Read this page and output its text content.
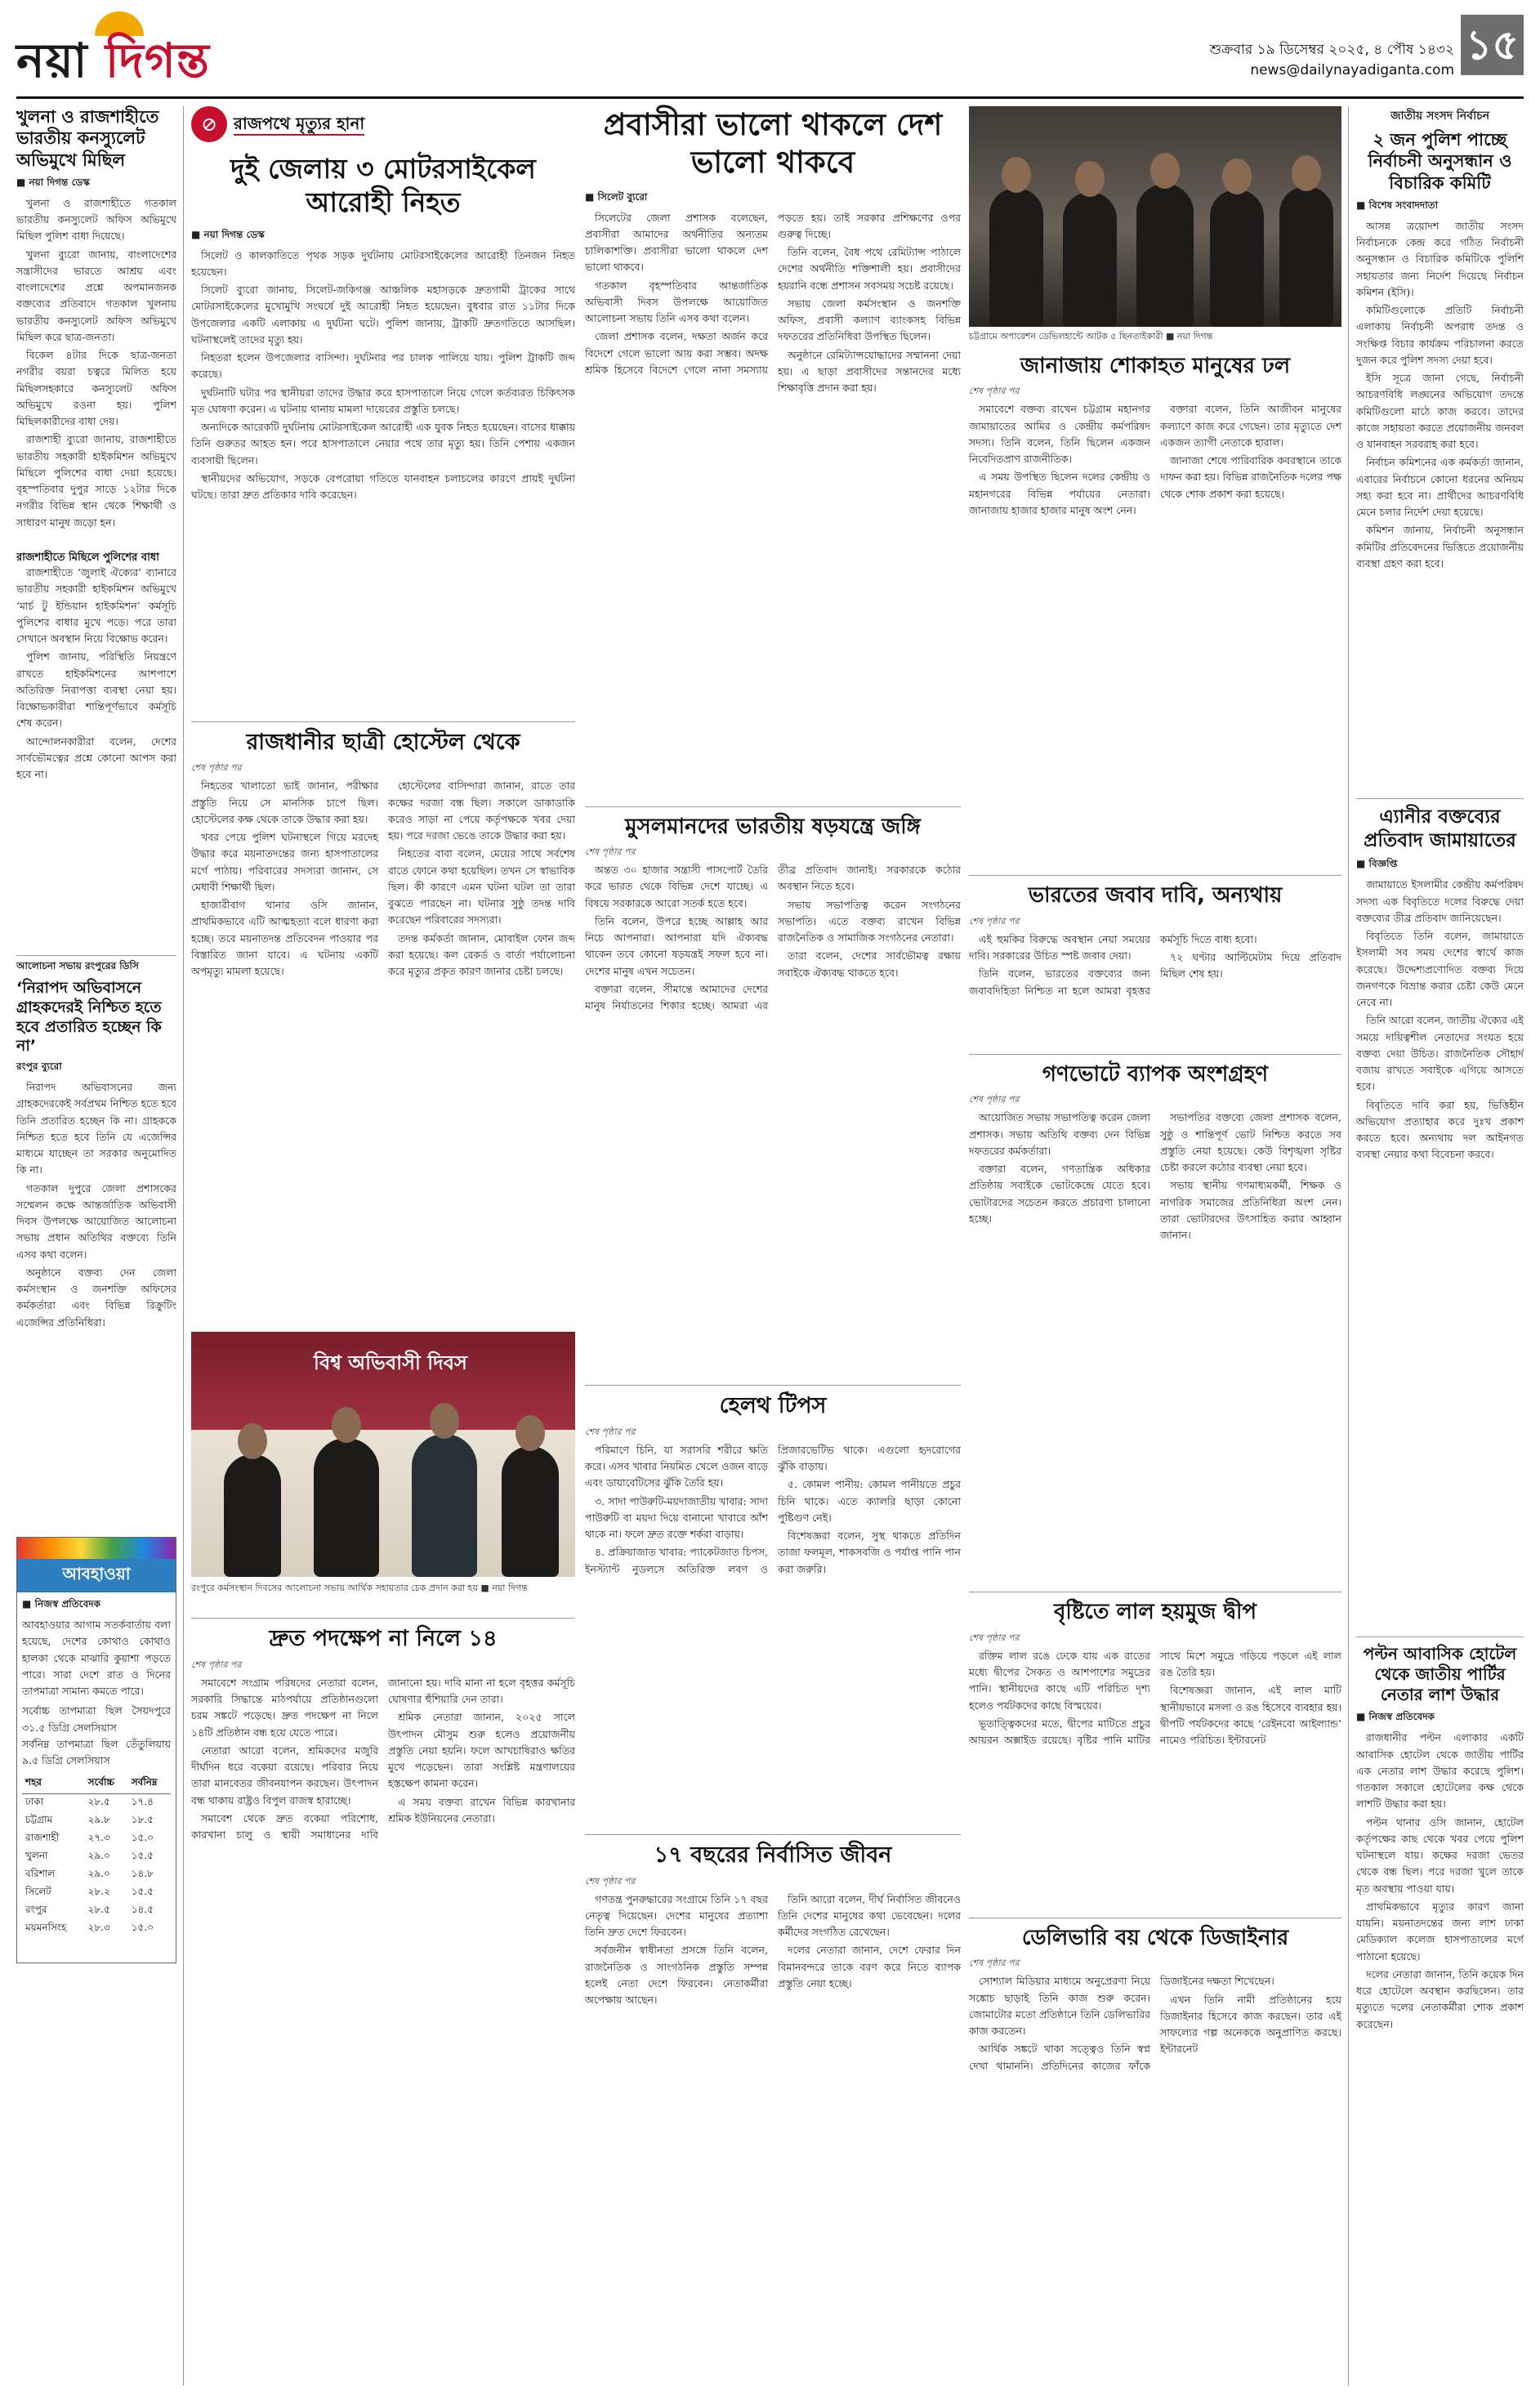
নয়া দিগন্ত	শুক্রবার ১৯ ডিসেম্বর ২০২৫, ৪ পৌষ ১৪৩২
news@dailynayadiganta.com
১৫
খুলনা ও রাজশাহীতে ভারতীয় কনস্যুলেট অভিমুখে মিছিল
■ নয়া দিগন্ত ডেস্ক

খুলনা ও রাজশাহীতে গতকাল ভারতীয় কনস্যুলেট অফিস অভিমুখে মিছিল পুলিশ বাধা দিয়েছে।

খুলনা ব্যুরো জানায়, বাংলাদেশের সন্ত্রাসীদের ভারতে আশ্রয় এবং বাংলাদেশের প্রশ্নে অপমানজনক বক্তব্যের প্রতিবাদে গতকাল খুলনায় ভারতীয় কনস্যুলেট অফিস অভিমুখে মিছিল করে ছাত্র-জনতা।

বিকেল ৪টার দিকে ছাত্র-জনতা নগরীর বয়রা চত্বরে মিলিত হয়ে মিছিলসহকারে কনস্যুলেট অফিস অভিমুখে রওনা হয়। পুলিশ মিছিলকারীদের বাধা দেয়।

রাজশাহী ব্যুরো জানায়, রাজশাহীতে ভারতীয় সহকারী হাইকমিশন অভিমুখে মিছিলে পুলিশের বাধা দেয়া হয়েছে। বৃহস্পতিবার দুপুর সাড়ে ১২টার দিকে নগরীর বিভিন্ন স্থান থেকে শিক্ষার্থী ও সাধারণ মানুষ জড়ো হন।

রাজশাহীতে মিছিলে পুলিশের বাধা

রাজশাহীতে ‘জুলাই ঐক্যের’ ব্যানারে ভারতীয় সহকারী হাইকমিশন অভিমুখে ‘মার্চ টু ইন্ডিয়ান হাইকমিশন’ কর্মসূচি পুলিশের বাধার মুখে পড়ে। পরে তারা সেখানে অবস্থান নিয়ে বিক্ষোভ করেন।

পুলিশ জানায়, পরিস্থিতি নিয়ন্ত্রণে রাখতে হাইকমিশনের আশপাশে অতিরিক্ত নিরাপত্তা ব্যবস্থা নেয়া হয়। বিক্ষোভকারীরা শান্তিপূর্ণভাবে কর্মসূচি শেষ করেন।

আন্দোলনকারীরা বলেন, দেশের সার্বভৌমত্বের প্রশ্নে কোনো আপস করা হবে না।

আলোচনা সভায় রংপুরের ডিসি
‘নিরাপদ অভিবাসনে গ্রাহকদেরই নিশ্চিত হতে হবে প্রতারিত হচ্ছেন কি না’
রংপুর ব্যুরো

নিরাপদ অভিবাসনের জন্য গ্রাহকদেরকেই সর্বপ্রথম নিশ্চিত হতে হবে তিনি প্রতারিত হচ্ছেন কি না। গ্রাহককে নিশ্চিত হতে হবে তিনি যে এজেন্সির মাধ্যমে যাচ্ছেন তা সরকার অনুমোদিত কি না।

গতকাল দুপুরে জেলা প্রশাসকের সম্মেলন কক্ষে আন্তর্জাতিক অভিবাসী দিবস উপলক্ষে আয়োজিত আলোচনা সভায় প্রধান অতিথির বক্তব্যে তিনি এসব কথা বলেন।

অনুষ্ঠানে বক্তব্য দেন জেলা কর্মসংস্থান ও জনশক্তি অফিসের কর্মকর্তারা এবং বিভিন্ন রিক্রুটিং এজেন্সির প্রতিনিধিরা।

আবহাওয়া
■ নিজস্ব প্রতিবেদক
আবহাওয়ার আগাম সতর্কবার্তায় বলা হয়েছে, দেশের কোথাও কোথাও হালকা থেকে মাঝারি কুয়াশা পড়তে পারে। সারা দেশে রাত ও দিনের তাপমাত্রা সামান্য কমতে পারে।
সর্বোচ্চ তাপমাত্রা ছিল সৈয়দপুরে ৩১.৫ ডিগ্রি সেলসিয়াস
সর্বনিম্ন তাপমাত্রা ছিল তেঁতুলিয়ায় ৯.৫ ডিগ্রি সেলসিয়াস
শহর	সর্বোচ্চ	সর্বনিম্ন
ঢাকা	২৮.৫	১৭.৪
চট্টগ্রাম	২৯.৮	১৮.৫
রাজশাহী	২৭.৩	১৫.০
খুলনা	২৯.০	১৫.৫
বরিশাল	২৯.০	১৪.৮
সিলেট	২৮.২	১৫.৫
রংপুর	২৮.৫	১৪.৫
ময়মনসিংহ	২৮.৩	১৫.০
⊘ রাজপথে মৃত্যুর হানা
দুই জেলায় ৩ মোটরসাইকেল আরোহী নিহত
■ নয়া দিগন্ত ডেস্ক

সিলেট ও কালকাতিতে পৃথক সড়ক দুর্ঘটনায় মোটরসাইকেলের আরোহী তিনজন নিহত হয়েছেন।

সিলেট ব্যুরো জানায়, সিলেট-জকিগঞ্জ আঞ্চলিক মহাসড়কে দ্রুতগামী ট্রাকের সাথে মোটরসাইকেলের মুখোমুখি সংঘর্ষে দুই আরোহী নিহত হয়েছেন। বুধবার রাত ১১টার দিকে উপজেলার একটি এলাকায় এ দুর্ঘটনা ঘটে। পুলিশ জানায়, ট্রাকটি দ্রুতগতিতে আসছিল। ঘটনাস্থলেই তাদের মৃত্যু হয়।

নিহতরা হলেন উপজেলার বাসিন্দা। দুর্ঘটনার পর চালক পালিয়ে যায়। পুলিশ ট্রাকটি জব্দ করেছে।

দুর্ঘটনাটি ঘটার পর স্থানীয়রা তাদের উদ্ধার করে হাসপাতালে নিয়ে গেলে কর্তব্যরত চিকিৎসক মৃত ঘোষণা করেন। এ ঘটনায় থানায় মামলা দায়েরের প্রস্তুতি চলছে।

অন্যদিকে আরেকটি দুর্ঘটনায় মোটরসাইকেল আরোহী এক যুবক নিহত হয়েছেন। বাসের ধাক্কায় তিনি গুরুতর আহত হন। পরে হাসপাতালে নেয়ার পথে তার মৃত্যু হয়। তিনি পেশায় একজন ব্যবসায়ী ছিলেন।

স্থানীয়দের অভিযোগ, সড়কে বেপরোয়া গতিতে যানবাহন চলাচলের কারণে প্রায়ই দুর্ঘটনা ঘটছে। তারা দ্রুত প্রতিকার দাবি করেছেন।

রাজধানীর ছাত্রী হোস্টেল থেকে
শেষ পৃষ্ঠার পর

নিহতের খালাতো ভাই জানান, পরীক্ষার প্রস্তুতি নিয়ে সে মানসিক চাপে ছিল। হোস্টেলের কক্ষ থেকে তাকে উদ্ধার করা হয়।

খবর পেয়ে পুলিশ ঘটনাস্থলে গিয়ে মরদেহ উদ্ধার করে ময়নাতদন্তের জন্য হাসপাতালের মর্গে পাঠায়। পরিবারের সদস্যরা জানান, সে মেধাবী শিক্ষার্থী ছিল।

হাজারীবাগ থানার ওসি জানান, প্রাথমিকভাবে এটি আত্মহত্যা বলে ধারণা করা হচ্ছে। তবে ময়নাতদন্ত প্রতিবেদন পাওয়ার পর বিস্তারিত জানা যাবে। এ ঘটনায় একটি অপমৃত্যু মামলা হয়েছে।

হোস্টেলের বাসিন্দারা জানান, রাতে তার কক্ষের দরজা বন্ধ ছিল। সকালে ডাকাডাকি করেও সাড়া না পেয়ে কর্তৃপক্ষকে খবর দেয়া হয়। পরে দরজা ভেঙে তাকে উদ্ধার করা হয়।

নিহতের বাবা বলেন, মেয়ের সাথে সর্বশেষ রাতে ফোনে কথা হয়েছিল। তখন সে স্বাভাবিক ছিল। কী কারণে এমন ঘটনা ঘটল তা তারা বুঝতে পারছেন না। ঘটনার সুষ্ঠু তদন্ত দাবি করেছেন পরিবারের সদস্যরা।

তদন্ত কর্মকর্তা জানান, মোবাইল ফোন জব্দ করা হয়েছে। কল রেকর্ড ও বার্তা পর্যালোচনা করে মৃত্যুর প্রকৃত কারণ জানার চেষ্টা চলছে।

বিশ্ব অভিবাসী দিবস
রংপুরে কর্মসংস্থান দিবসের আলোচনা সভায় আর্থিক সহায়তার চেক প্রদান করা হয় ■ নয়া দিগন্ত
দ্রুত পদক্ষেপ না নিলে ১৪
শেষ পৃষ্ঠার পর

সমাবেশে সংগ্রাম পরিষদের নেতারা বলেন, সরকারি সিদ্ধান্তে মাঠপর্যায়ে প্রতিষ্ঠানগুলো চরম সঙ্কটে পড়েছে। দ্রুত পদক্ষেপ না নিলে ১৪টি প্রতিষ্ঠান বন্ধ হয়ে যেতে পারে।

নেতারা আরো বলেন, শ্রমিকদের মজুরি দীর্ঘদিন ধরে বকেয়া রয়েছে। পরিবার নিয়ে তারা মানবেতর জীবনযাপন করছেন। উৎপাদন বন্ধ থাকায় রাষ্ট্রও বিপুল রাজস্ব হারাচ্ছে।

সমাবেশ থেকে দ্রুত বকেয়া পরিশোধ, কারখানা চালু ও স্থায়ী সমাধানের দাবি জানানো হয়। দাবি মানা না হলে বৃহত্তর কর্মসূচি ঘোষণার হুঁশিয়ারি দেন তারা।

শ্রমিক নেতারা জানান, ২০২৫ সালে উৎপাদন মৌসুম শুরু হলেও প্রয়োজনীয় প্রস্তুতি নেয়া হয়নি। ফলে আখচাষিরাও ক্ষতির মুখে পড়েছেন। তারা সংশ্লিষ্ট মন্ত্রণালয়ের হস্তক্ষেপ কামনা করেন।

এ সময় বক্তব্য রাখেন বিভিন্ন কারখানার শ্রমিক ইউনিয়নের নেতারা।

প্রবাসীরা ভালো থাকলে দেশ ভালো থাকবে
■ সিলেট ব্যুরো

সিলেটের জেলা প্রশাসক বলেছেন, প্রবাসীরা আমাদের অর্থনীতির অন্যতম চালিকাশক্তি। প্রবাসীরা ভালো থাকলে দেশ ভালো থাকবে।

গতকাল বৃহস্পতিবার আন্তর্জাতিক অভিবাসী দিবস উপলক্ষে আয়োজিত আলোচনা সভায় তিনি এসব কথা বলেন।

জেলা প্রশাসক বলেন, দক্ষতা অর্জন করে বিদেশে গেলে ভালো আয় করা সম্ভব। অদক্ষ শ্রমিক হিসেবে বিদেশে গেলে নানা সমস্যায় পড়তে হয়। তাই সরকার প্রশিক্ষণের ওপর গুরুত্ব দিচ্ছে।

তিনি বলেন, বৈধ পথে রেমিট্যান্স পাঠালে দেশের অর্থনীতি শক্তিশালী হয়। প্রবাসীদের হয়রানি বন্ধে প্রশাসন সবসময় সচেষ্ট রয়েছে।

সভায় জেলা কর্মসংস্থান ও জনশক্তি অফিস, প্রবাসী কল্যাণ ব্যাংকসহ বিভিন্ন দফতরের প্রতিনিধিরা উপস্থিত ছিলেন।

অনুষ্ঠানে রেমিট্যান্সযোদ্ধাদের সম্মাননা দেয়া হয়। এ ছাড়া প্রবাসীদের সন্তানদের মধ্যে শিক্ষাবৃত্তি প্রদান করা হয়।

মুসলমানদের ভারতীয় ষড়যন্ত্রে জঙ্গি
শেষ পৃষ্ঠার পর

অন্তত ৩০ হাজার সন্ত্রাসী পাসপোর্ট তৈরি করে ভারত থেকে বিভিন্ন দেশে যাচ্ছে। এ বিষয়ে সরকারকে আরো সতর্ক হতে হবে।

তিনি বলেন, উপরে হচ্ছে আল্লাহ আর নিচে আপনারা। আপনারা যদি ঐক্যবদ্ধ থাকেন তবে কোনো ষড়যন্ত্রই সফল হবে না। দেশের মানুষ এখন সচেতন।

বক্তারা বলেন, সীমান্তে আমাদের দেশের মানুষ নির্যাতনের শিকার হচ্ছে। আমরা এর তীব্র প্রতিবাদ জানাই। সরকারকে কঠোর অবস্থান নিতে হবে।

সভায় সভাপতিত্ব করেন সংগঠনের সভাপতি। এতে বক্তব্য রাখেন বিভিন্ন রাজনৈতিক ও সামাজিক সংগঠনের নেতারা।

তারা বলেন, দেশের সার্বভৌমত্ব রক্ষায় সবাইকে ঐক্যবদ্ধ থাকতে হবে।

হেলথ টিপস
শেষ পৃষ্ঠার পর

পরিমাণে চিনি, যা সরাসরি শরীরে ক্ষতি করে। এসব খাবার নিয়মিত খেলে ওজন বাড়ে এবং ডায়াবেটিসের ঝুঁকি তৈরি হয়।

৩. সাদা পাউরুটি-ময়দাজাতীয় খাবার: সাদা পাউরুটি বা ময়দা দিয়ে বানানো খাবারে আঁশ থাকে না। ফলে দ্রুত রক্তে শর্করা বাড়ায়।

৪. প্রক্রিয়াজাত খাবার: প্যাকেটজাত চিপস, ইনস্ট্যান্ট নুডলসে অতিরিক্ত লবণ ও প্রিজারভেটিভ থাকে। এগুলো হৃদরোগের ঝুঁকি বাড়ায়।

৫. কোমল পানীয়: কোমল পানীয়তে প্রচুর চিনি থাকে। এতে ক্যালরি ছাড়া কোনো পুষ্টিগুণ নেই।

বিশেষজ্ঞরা বলেন, সুস্থ থাকতে প্রতিদিন তাজা ফলমূল, শাকসবজি ও পর্যাপ্ত পানি পান করা জরুরি।

১৭ বছরের নির্বাসিত জীবন
শেষ পৃষ্ঠার পর

গণতন্ত্র পুনরুদ্ধারের সংগ্রামে তিনি ১৭ বছর নেতৃত্ব দিয়েছেন। দেশের মানুষের প্রত্যাশা তিনি দ্রুত দেশে ফিরবেন।

সর্বজনীন স্বাধীনতা প্রসঙ্গে তিনি বলেন, রাজনৈতিক ও সাংগঠনিক প্রস্তুতি সম্পন্ন হলেই নেতা দেশে ফিরবেন। নেতাকর্মীরা অপেক্ষায় আছেন।

তিনি আরো বলেন, দীর্ঘ নির্বাসিত জীবনেও তিনি দেশের মানুষের কথা ভেবেছেন। দলের কর্মীদের সংগঠিত রেখেছেন।

দলের নেতারা জানান, দেশে ফেরার দিন বিমানবন্দরে তাকে বরণ করে নিতে ব্যাপক প্রস্তুতি নেয়া হচ্ছে।

চট্টগ্রামে অপারেশন ডেভিলহান্টে আটক ৫ ছিনতাইকারী ■ নয়া দিগন্ত
জানাজায় শোকাহত মানুষের ঢল
শেষ পৃষ্ঠার পর

সমাবেশে বক্তব্য রাখেন চট্টগ্রাম মহানগর জামায়াতের আমির ও কেন্দ্রীয় কর্মপরিষদ সদস্য। তিনি বলেন, তিনি ছিলেন একজন নিবেদিতপ্রাণ রাজনীতিক।

এ সময় উপস্থিত ছিলেন দলের কেন্দ্রীয় ও মহানগরের বিভিন্ন পর্যায়ের নেতারা। জানাজায় হাজার হাজার মানুষ অংশ নেন।

বক্তারা বলেন, তিনি আজীবন মানুষের কল্যাণে কাজ করে গেছেন। তার মৃত্যুতে দেশ একজন ত্যাগী নেতাকে হারাল।

জানাজা শেষে পারিবারিক কবরস্থানে তাকে দাফন করা হয়। বিভিন্ন রাজনৈতিক দলের পক্ষ থেকে শোক প্রকাশ করা হয়েছে।

ভারতের জবাব দাবি, অন্যথায়
শেষ পৃষ্ঠার পর

এই হুমকির বিরুদ্ধে অবস্থান নেয়া সময়ের দাবি। সরকারের উচিত স্পষ্ট জবাব দেয়া।

তিনি বলেন, ভারতের বক্তব্যের জন্য জবাবদিহিতা নিশ্চিত না হলে আমরা বৃহত্তর কর্মসূচি দিতে বাধ্য হবো।

৭২ ঘণ্টার আল্টিমেটাম দিয়ে প্রতিবাদ মিছিল শেষ হয়।

গণভোটে ব্যাপক অংশগ্রহণ
শেষ পৃষ্ঠার পর

আয়োজিত সভায় সভাপতিত্ব করেন জেলা প্রশাসক। সভায় অতিথি বক্তব্য দেন বিভিন্ন দফতরের কর্মকর্তারা।

বক্তারা বলেন, গণতান্ত্রিক অধিকার প্রতিষ্ঠায় সবাইকে ভোটকেন্দ্রে যেতে হবে। ভোটারদের সচেতন করতে প্রচারণা চালানো হচ্ছে।

সভাপতির বক্তব্যে জেলা প্রশাসক বলেন, সুষ্ঠু ও শান্তিপূর্ণ ভোট নিশ্চিত করতে সব প্রস্তুতি নেয়া হয়েছে। কেউ বিশৃঙ্খলা সৃষ্টির চেষ্টা করলে কঠোর ব্যবস্থা নেয়া হবে।

সভায় স্থানীয় গণমাধ্যমকর্মী, শিক্ষক ও নাগরিক সমাজের প্রতিনিধিরা অংশ নেন। তারা ভোটারদের উৎসাহিত করার আহ্বান জানান।

বৃষ্টিতে লাল হয়মুজ দ্বীপ
শেষ পৃষ্ঠার পর

রক্তিম লাল রঙে ঢেকে যায় এক রাতের মধ্যে দ্বীপের সৈকত ও আশপাশের সমুদ্রের পানি। স্থানীয়দের কাছে এটি পরিচিত দৃশ্য হলেও পর্যটকদের কাছে বিস্ময়ের।

ভূতাত্ত্বিকদের মতে, দ্বীপের মাটিতে প্রচুর আয়রন অক্সাইড রয়েছে। বৃষ্টির পানি মাটির সাথে মিশে সমুদ্রে গড়িয়ে পড়লে এই লাল রঙ তৈরি হয়।

বিশেষজ্ঞরা জানান, এই লাল মাটি স্থানীয়ভাবে মসলা ও রঙ হিসেবে ব্যবহার হয়। দ্বীপটি পর্যটকদের কাছে ‘রেইনবো আইল্যান্ড’ নামেও পরিচিত। ইন্টারনেট

ডেলিভারি বয় থেকে ডিজাইনার
শেষ পৃষ্ঠার পর

সোশ্যাল মিডিয়ার মাধ্যমে অনুপ্রেরণা নিয়ে সঙ্কোচ ছাড়াই তিনি কাজ শুরু করেন। জোমাটোর মতো প্রতিষ্ঠানে তিনি ডেলিভারির কাজ করতেন।

আর্থিক সঙ্কটে থাকা সত্ত্বেও তিনি স্বপ্ন দেখা থামাননি। প্রতিদিনের কাজের ফাঁকে ডিজাইনের দক্ষতা শিখেছেন।

এখন তিনি নামী প্রতিষ্ঠানের হয়ে ডিজাইনার হিসেবে কাজ করছেন। তার এই সাফল্যের গল্প অনেককে অনুপ্রাণিত করছে। ইন্টারনেট

জাতীয় সংসদ নির্বাচন
২ জন পুলিশ পাচ্ছে নির্বাচনী অনুসন্ধান ও বিচারিক কমিটি
■ বিশেষ সংবাদদাতা

আসন্ন ত্রয়োদশ জাতীয় সংসদ নির্বাচনকে কেন্দ্র করে গঠিত নির্বাচনী অনুসন্ধান ও বিচারিক কমিটিকে পুলিশি সহায়তার জন্য নির্দেশ দিয়েছে নির্বাচন কমিশন (ইসি)।

কমিটিগুলোকে প্রতিটি নির্বাচনী এলাকায় নির্বাচনী অপরাধ তদন্ত ও সংক্ষিপ্ত বিচার কার্যক্রম পরিচালনা করতে দুজন করে পুলিশ সদস্য দেয়া হবে।

ইসি সূত্রে জানা গেছে, নির্বাচনী আচরণবিধি লঙ্ঘনের অভিযোগ তদন্তে কমিটিগুলো মাঠে কাজ করবে। তাদের কাজে সহায়তা করতে প্রয়োজনীয় জনবল ও যানবাহন সরবরাহ করা হবে।

নির্বাচন কমিশনের এক কর্মকর্তা জানান, এবারের নির্বাচনে কোনো ধরনের অনিয়ম সহ্য করা হবে না। প্রার্থীদের আচরণবিধি মেনে চলার নির্দেশ দেয়া হয়েছে।

কমিশন জানায়, নির্বাচনী অনুসন্ধান কমিটির প্রতিবেদনের ভিত্তিতে প্রয়োজনীয় ব্যবস্থা গ্রহণ করা হবে।

এ্যানীর বক্তব্যের প্রতিবাদ জামায়াতের
■ বিজ্ঞপ্তি

জামায়াতে ইসলামীর কেন্দ্রীয় কর্মপরিষদ সদস্য এক বিবৃতিতে দলের বিরুদ্ধে দেয়া বক্তব্যের তীব্র প্রতিবাদ জানিয়েছেন।

বিবৃতিতে তিনি বলেন, জামায়াতে ইসলামী সব সময় দেশের স্বার্থে কাজ করেছে। উদ্দেশ্যপ্রণোদিত বক্তব্য দিয়ে জনগণকে বিভ্রান্ত করার চেষ্টা কেউ মেনে নেবে না।

তিনি আরো বলেন, জাতীয় ঐক্যের এই সময়ে দায়িত্বশীল নেতাদের সংযত হয়ে বক্তব্য দেয়া উচিত। রাজনৈতিক সৌহার্দ বজায় রাখতে সবাইকে এগিয়ে আসতে হবে।

বিবৃতিতে দাবি করা হয়, ভিত্তিহীন অভিযোগ প্রত্যাহার করে দুঃখ প্রকাশ করতে হবে। অন্যথায় দল আইনগত ব্যবস্থা নেয়ার কথা বিবেচনা করবে।

পল্টন আবাসিক হোটেল থেকে জাতীয় পার্টির নেতার লাশ উদ্ধার
■ নিজস্ব প্রতিবেদক

রাজধানীর পল্টন এলাকার একটি আবাসিক হোটেল থেকে জাতীয় পার্টির এক নেতার লাশ উদ্ধার করেছে পুলিশ। গতকাল সকালে হোটেলের কক্ষ থেকে লাশটি উদ্ধার করা হয়।

পল্টন থানার ওসি জানান, হোটেল কর্তৃপক্ষের কাছ থেকে খবর পেয়ে পুলিশ ঘটনাস্থলে যায়। কক্ষের দরজা ভেতর থেকে বন্ধ ছিল। পরে দরজা খুলে তাকে মৃত অবস্থায় পাওয়া যায়।

প্রাথমিকভাবে মৃত্যুর কারণ জানা যায়নি। ময়নাতদন্তের জন্য লাশ ঢাকা মেডিক্যাল কলেজ হাসপাতালের মর্গে পাঠানো হয়েছে।

দলের নেতারা জানান, তিনি কয়েক দিন ধরে হোটেলে অবস্থান করছিলেন। তার মৃত্যুতে দলের নেতাকর্মীরা শোক প্রকাশ করেছেন।
